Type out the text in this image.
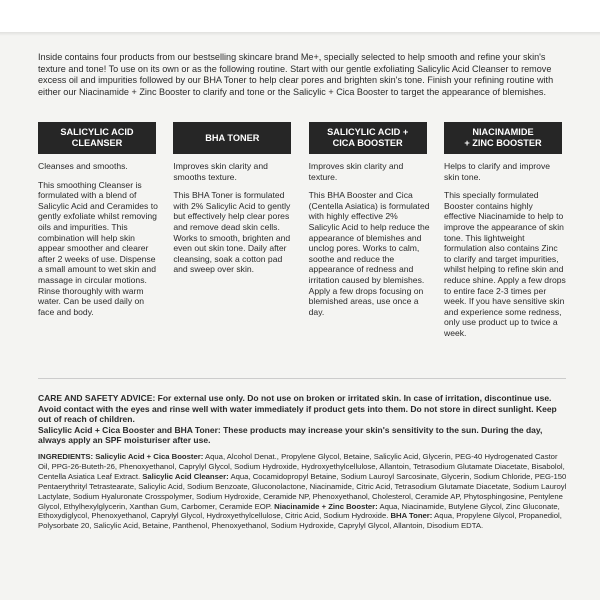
Inside contains four products from our bestselling skincare brand Me+, specially selected to help smooth and refine your skin's texture and tone! To use on its own or as the following routine. Start with our gentle exfoliating Salicylic Acid Cleanser to remove excess oil and impurities followed by our BHA Toner to help clear pores and brighten skin's tone. Finish your refining routine with either our Niacinamide + Zinc Booster to clarify and tone or the Salicylic + Cica Booster to target the appearance of blemishes.

SALICYLIC ACID
CLEANSER

Cleanses and smooths.

This smoothing Cleanser is formulated with a blend of Salicylic Acid and Ceramides to gently exfoliate whilst removing oils and impurities. This combination will help skin appear smoother and clearer after 2 weeks of use. Dispense a small amount to wet skin and massage in circular motions. Rinse thoroughly with warm water. Can be used daily on face and body.

BHA TONER

Improves skin clarity and smooths texture.

This BHA Toner is formulated with 2% Salicylic Acid to gently but effectively help clear pores and remove dead skin cells. Works to smooth, brighten and even out skin tone. Daily after cleansing, soak a cotton pad and sweep over skin.

SALICYLIC ACID +
CICA BOOSTER

Improves skin clarity and texture.

This BHA Booster and Cica (Centella Asiatica) is formulated with highly effective 2% Salicylic Acid to help reduce the appearance of blemishes and unclog pores. Works to calm, soothe and reduce the appearance of redness and irritation caused by blemishes. Apply a few drops focusing on blemished areas, use once a day.

NIACINAMIDE
+ ZINC BOOSTER

Helps to clarify and improve skin tone.

This specially formulated Booster contains highly effective Niacinamide to help to improve the appearance of skin tone. This lightweight formulation also contains Zinc to clarify and target impurities, whilst helping to refine skin and reduce shine. Apply a few drops to entire face 2-3 times per week. If you have sensitive skin and experience some redness, only use product up to twice a week.

CARE AND SAFETY ADVICE: For external use only. Do not use on broken or irritated skin. In case of irritation, discontinue use. Avoid contact with the eyes and rinse well with water immediately if product gets into them. Do not store in direct sunlight. Keep out of reach of children.
Salicylic Acid + Cica Booster and BHA Toner: These products may increase your skin's sensitivity to the sun. During the day, always apply an SPF moisturiser after use.

INGREDIENTS: Salicylic Acid + Cica Booster: Aqua, Alcohol Denat., Propylene Glycol, Betaine, Salicylic Acid, Glycerin, PEG-40 Hydrogenated Castor Oil, PPG-26-Buteth-26, Phenoxyethanol, Caprylyl Glycol, Sodium Hydroxide, Hydroxyethylcellulose, Allantoin, Tetrasodium Glutamate Diacetate, Bisabolol, Centella Asiatica Leaf Extract. Salicylic Acid Cleanser: Aqua, Cocamidopropyl Betaine, Sodium Lauroyl Sarcosinate, Glycerin, Sodium Chloride, PEG-150 Pentaerythrityl Tetrastearate, Salicylic Acid, Sodium Benzoate, Gluconolactone, Niacinamide, Citric Acid, Tetrasodium Glutamate Diacetate, Sodium Lauroyl Lactylate, Sodium Hyaluronate Crosspolymer, Sodium Hydroxide, Ceramide NP, Phenoxyethanol, Cholesterol, Ceramide AP, Phytosphingosine, Pentylene Glycol, Ethylhexylglycerin, Xanthan Gum, Carbomer, Ceramide EOP. Niacinamide + Zinc Booster: Aqua, Niacinamide, Butylene Glycol, Zinc Gluconate, Ethoxydiglycol, Phenoxyethanol, Caprylyl Glycol, Hydroxyethylcellulose, Citric Acid, Sodium Hydroxide. BHA Toner: Aqua, Propylene Glycol, Propanediol, Polysorbate 20, Salicylic Acid, Betaine, Panthenol, Phenoxyethanol, Sodium Hydroxide, Caprylyl Glycol, Allantoin, Disodium EDTA.
